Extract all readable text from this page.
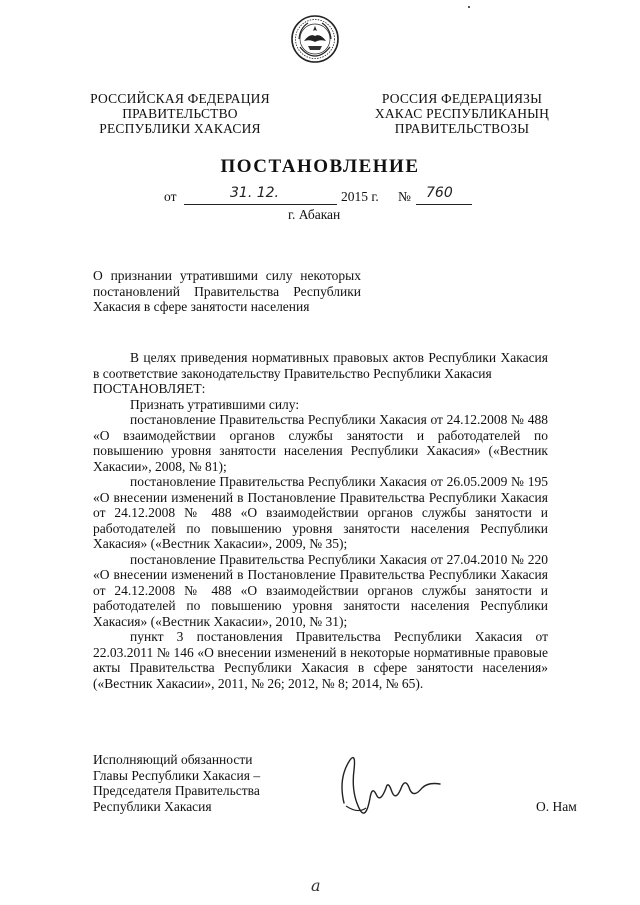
РОССИЙСКАЯ ФЕДЕРАЦИЯ
ПРАВИТЕЛЬСТВО
РЕСПУБЛИКИ ХАКАСИЯ
РОССИЯ ФЕДЕРАЦИЯЗЫ
ХАКАС РЕСПУБЛИКАНЫҢ
ПРАВИТЕЛЬСТВОЗЫ
ПОСТАНОВЛЕНИЕ
от	31. 12.	2015 г. № 760
г. Абакан
О признании утратившими силу некоторых
постановлений Правительства Республики
Хакасия в сфере занятости населения

В целях приведения нормативных правовых актов Республики Хакасия в соответствие законодательству Правительство Республики Хакасия

ПОСТАНОВЛЯЕТ:

Признать утратившими силу:

постановление Правительства Республики Хакасия от 24.12.2008 № 488 «О взаимодействии органов службы занятости и работодателей по повышению уровня занятости населения Республики Хакасия» («Вестник Хакасии», 2008, № 81);

постановление Правительства Республики Хакасия от 26.05.2009 № 195 «О внесении изменений в Постановление Правительства Республики Хакасия от 24.12.2008 № 488 «О взаимодействии органов службы занятости и работодателей по повышению уровня занятости населения Республики Хакасия» («Вестник Хакасии», 2009, № 35);

постановление Правительства Республики Хакасия от 27.04.2010 № 220 «О внесении изменений в Постановление Правительства Республики Хакасия от 24.12.2008 № 488 «О взаимодействии органов службы занятости и работодателей по повышению уровня занятости населения Республики Хакасия» («Вестник Хакасии», 2010, № 31);

пункт 3 постановления Правительства Республики Хакасия от 22.03.2011 № 146 «О внесении изменений в некоторые нормативные правовые акты Правительства Республики Хакасия в сфере занятости населения» («Вестник Хакасии», 2011, № 26; 2012, № 8; 2014, № 65).

Исполняющий обязанности
Главы Республики Хакасия –
Председателя Правительства
Республики Хакасия	О. Нам
a
